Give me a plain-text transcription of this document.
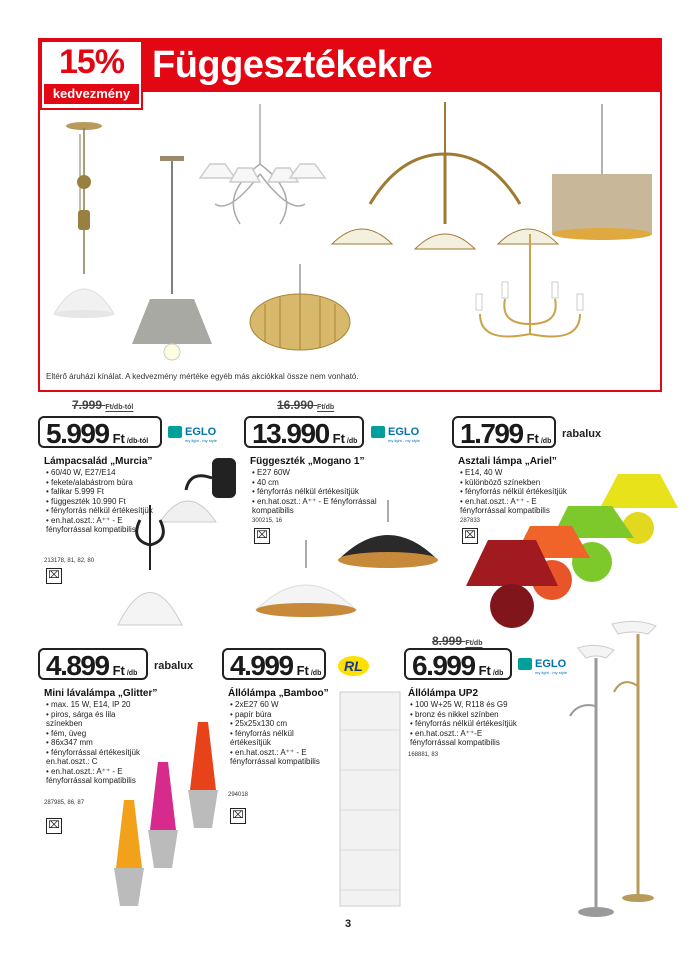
15%
kedvezmény
Függesztékekre
Eltérő áruházi kínálat. A kedvezmény mértéke egyéb más akciókkal össze nem vonható.
7.999 Ft/db-tól
5.999 Ft /db-tól
EGLO
my light - my style
Lámpacsalád „Murcia”
• 60/40 W, E27/E14
• fekete/alabástrom búra
• falikar 5.999 Ft
• függeszték 10.990 Ft
• fényforrás nélkül értékesítjük
• en.hat.oszt.: A⁺⁺ - E fényforrással kompatibilis
213178, 81, 82, 80
⌧
16.990 Ft/db
13.990 Ft /db
EGLO
my light - my style
Függeszték „Mogano 1”
• E27 60W
• 40 cm
• fényforrás nélkül értékesítjük
• en.hat.oszt.: A⁺⁺ - E fényforrással kompatibilis
300215, 16
⌧
1.799 Ft /db
rabalux
Asztali lámpa „Ariel”
• E14, 40 W
• különböző színekben
• fényforrás nélkül értékesítjük
• en.hat.oszt.: A⁺⁺ - E fényforrással kompatibilis
287833
⌧
4.899 Ft /db
rabalux
Mini lávalámpa „Glitter”
• max. 15 W, E14, IP 20
• piros, sárga és lila színekben
• fém, üveg
• 86x347 mm
• fényforrással értékesítjük en.hat.oszt.: C
• en.hat.oszt.: A⁺⁺ - E fényforrással kompatibilis
287985, 86, 87
⌧
4.999 Ft /db	RL
Állólámpa „Bamboo”
• 2xE27 60 W
• papír búra
• 25x25x130 cm
• fényforrás nélkül értékesítjük
• en.hat.oszt.: A⁺⁺ - E fényforrással kompatibilis
294018
⌧
3
8.999 Ft/db
6.999 Ft /db
EGLO
my light - my style
Állólámpa UP2
• 100 W+25 W, R118 és G9
• bronz és nikkel színben
• fényforrás nélkül értékesítjük
• en.hat.oszt.: A⁺⁺-E fényforrással kompatibilis
168881, 83
